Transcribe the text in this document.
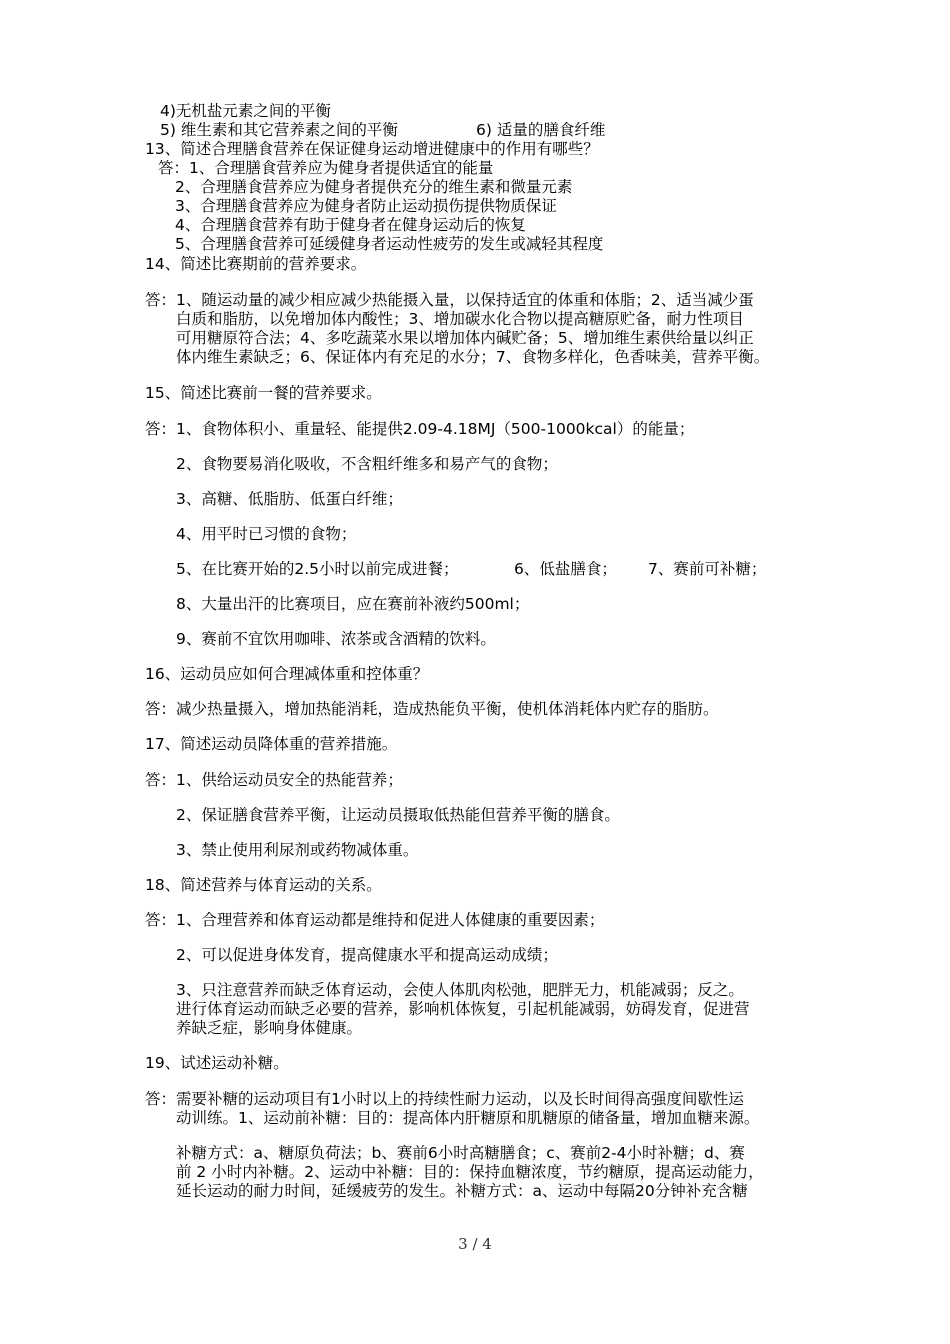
4)无机盐元素之间的平衡
5) 维生素和其它营养素之间的平衡	6) 适量的膳食纤维
13、简述合理膳食营养在保证健身运动增进健康中的作用有哪些？
答：1、合理膳食营养应为健身者提供适宜的能量
2、合理膳食营养应为健身者提供充分的维生素和微量元素
3、合理膳食营养应为健身者防止运动损伤提供物质保证
4、合理膳食营养有助于健身者在健身运动后的恢复
5、合理膳食营养可延缓健身者运动性疲劳的发生或减轻其程度
14、简述比赛期前的营养要求。
答：1、随运动量的减少相应减少热能摄入量，以保持适宜的体重和体脂；2、适当减少蛋
白质和脂肪，以免增加体内酸性；3、增加碳水化合物以提高糖原贮备，耐力性项目
可用糖原符合法；4、多吃蔬菜水果以增加体内碱贮备；5、增加维生素供给量以纠正
体内维生素缺乏；6、保证体内有充足的水分；7、食物多样化，色香味美，营养平衡。
15、简述比赛前一餐的营养要求。
答：1、食物体积小、重量轻、能提供2.09-4.18MJ（500-1000kcal）的能量；
2、食物要易消化吸收，不含粗纤维多和易产气的食物；
3、高糖、低脂肪、低蛋白纤维；
4、用平时已习惯的食物；
5、在比赛开始的2.5小时以前完成进餐；	6、低盐膳食； 7、赛前可补糖；
8、大量出汗的比赛项目，应在赛前补液约500ml；
9、赛前不宜饮用咖啡、浓茶或含酒精的饮料。
16、运动员应如何合理减体重和控体重？
答：减少热量摄入，增加热能消耗，造成热能负平衡，使机体消耗体内贮存的脂肪。
17、简述运动员降体重的营养措施。
答：1、供给运动员安全的热能营养；
2、保证膳食营养平衡，让运动员摄取低热能但营养平衡的膳食。
3、禁止使用利尿剂或药物减体重。
18、简述营养与体育运动的关系。
答：1、合理营养和体育运动都是维持和促进人体健康的重要因素；
2、可以促进身体发育，提高健康水平和提高运动成绩；
3、只注意营养而缺乏体育运动，会使人体肌肉松弛，肥胖无力，机能减弱；反之。
进行体育运动而缺乏必要的营养，影响机体恢复，引起机能减弱，妨碍发育，促进营
养缺乏症，影响身体健康。
19、试述运动补糖。
答：需要补糖的运动项目有1小时以上的持续性耐力运动，以及长时间得高强度间歇性运
动训练。1、运动前补糖：目的：提高体内肝糖原和肌糖原的储备量，增加血糖来源。
补糖方式：a、糖原负荷法；b、赛前6小时高糖膳食；c、赛前2-4小时补糖；d、赛
前 2 小时内补糖。2、运动中补糖：目的：保持血糖浓度，节约糖原，提高运动能力，
延长运动的耐力时间，延缓疲劳的发生。补糖方式：a、运动中每隔20分钟补充含糖
3 / 4
